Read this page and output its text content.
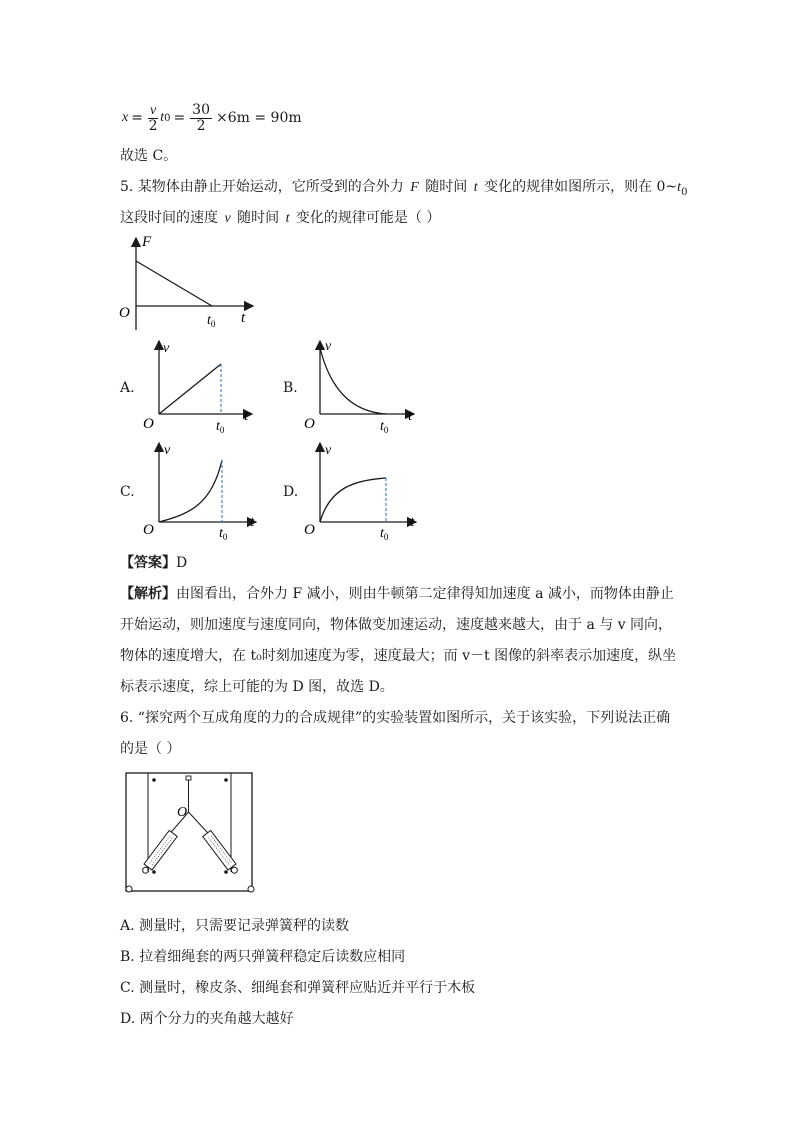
$x = \frac{v}{2}$ t $0 = \frac{30}{2} \times 6m = 90m$
故选 C。
5. 某物体由静止开始运动，它所受到的合外力 F 随时间 t 变化的规律如图所示，则在 $0\sim t_0$
这段时间的速度 v 随时间 t 变化的规律可能是（ ）
F
O	$t_0$ t
A.
v
O	$t_0$
t
B.
v
O	$t_0$
t
C.
v
O	$t_0$
t
D.
v
O	$t_0$
t
【答案】D
【解析】由图看出，合外力 F 减小，则由牛顿第二定律得知加速度 a 减小，而物体由静止
开始运动，则加速度与速度同向，物体做变加速运动，速度越来越大，由于 a 与 v 同向，
物体的速度增大，在 t₀时刻加速度为零，速度最大；而 v－t 图像的斜率表示加速度，纵坐
标表示速度，综上可能的为 D 图，故选 D。
6. “探究两个互成角度的力的合成规律”的实验装置如图所示，关于该实验，下列说法正确
的是（ ）
O
A. 测量时，只需要记录弹簧秤的读数
B. 拉着细绳套的两只弹簧秤稳定后读数应相同
C. 测量时，橡皮条、细绳套和弹簧秤应贴近并平行于木板
D. 两个分力的夹角越大越好
